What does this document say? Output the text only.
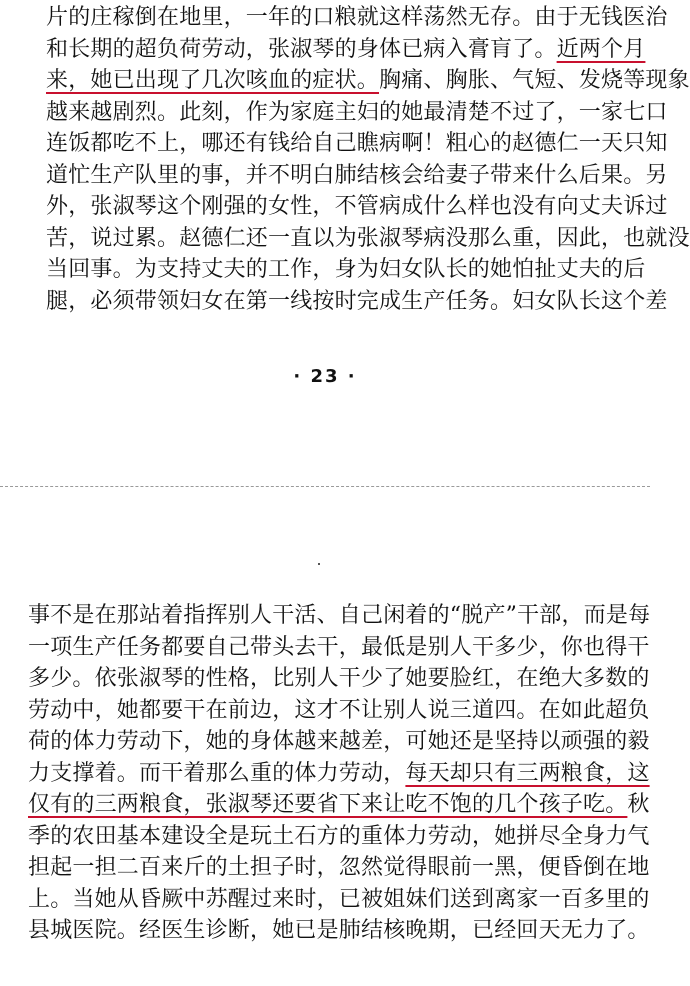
片的庄稼倒在地里，一年的口粮就这样荡然无存。由于无钱医治
和长期的超负荷劳动，张淑琴的身体已病入膏肓了。近两个月
来，她已出现了几次咳血的症状。胸痛、胸胀、气短、发烧等现象
越来越剧烈。此刻，作为家庭主妇的她最清楚不过了，一家七口
连饭都吃不上，哪还有钱给自己瞧病啊！粗心的赵德仁一天只知
道忙生产队里的事，并不明白肺结核会给妻子带来什么后果。另
外，张淑琴这个刚强的女性，不管病成什么样也没有向丈夫诉过
苦，说过累。赵德仁还一直以为张淑琴病没那么重，因此，也就没
当回事。为支持丈夫的工作，身为妇女队长的她怕扯丈夫的后
腿，必须带领妇女在第一线按时完成生产任务。妇女队长这个差
· 23 ·
事不是在那站着指挥别人干活、自己闲着的“脱产”干部，而是每
一项生产任务都要自己带头去干，最低是别人干多少，你也得干
多少。依张淑琴的性格，比别人干少了她要脸红，在绝大多数的
劳动中，她都要干在前边，这才不让别人说三道四。在如此超负
荷的体力劳动下，她的身体越来越差，可她还是坚持以顽强的毅
力支撑着。而干着那么重的体力劳动，每天却只有三两粮食，这
仅有的三两粮食，张淑琴还要省下来让吃不饱的几个孩子吃。秋
季的农田基本建设全是玩土石方的重体力劳动，她拼尽全身力气
担起一担二百来斤的土担子时，忽然觉得眼前一黑，便昏倒在地
上。当她从昏厥中苏醒过来时，已被姐妹们送到离家一百多里的
县城医院。经医生诊断，她已是肺结核晚期，已经回天无力了。
